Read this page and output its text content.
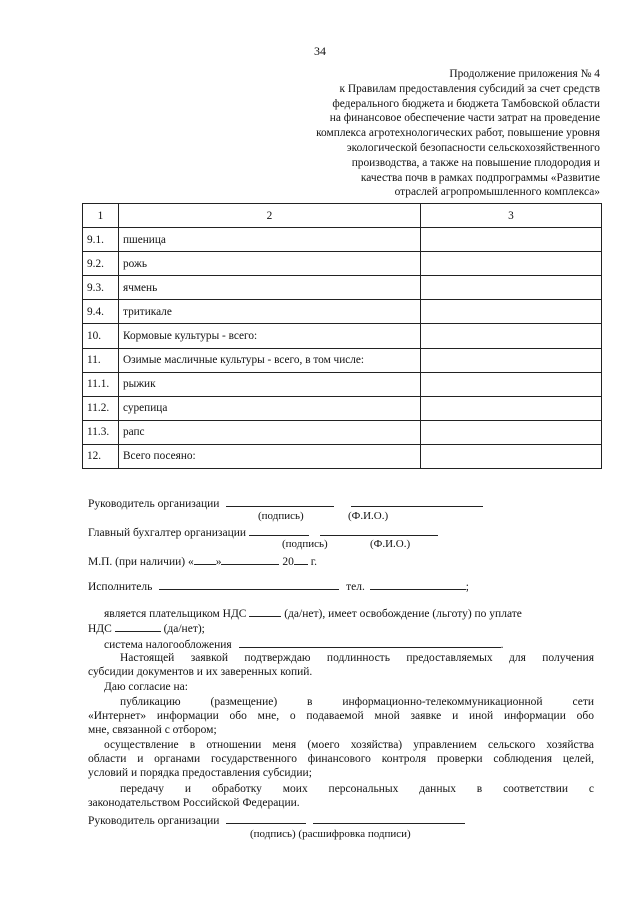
34
Продолжение приложения № 4
к Правилам предоставления субсидий за счет средств
федерального бюджета и бюджета Тамбовской области
на финансовое обеспечение части затрат на проведение
комплекса агротехнологических работ, повышение уровня
экологической безопасности сельскохозяйственного
производства, а также на повышение плодородия и
качества почв в рамках подпрограммы «Развитие
отраслей агропромышленного комплекса»
1	2	3
9.1.	пшеница	
9.2.	рожь	
9.3.	ячмень	
9.4.	тритикале	
10.	Кормовые культуры - всего:	
11.	Озимые масличные культуры - всего, в том числе:	
11.1.	рыжик	
11.2.	сурепица	
11.3.	рапс	
12.	Всего посеяно:	
Руководитель организации
(подпись)	(Ф.И.О.)
Главный бухгалтер организации
(подпись)	(Ф.И.О.)
М.П. (при наличии) « »	20 г.
Исполнитель	тел.	;
является плательщиком НДС	(да/нет), имеет освобождение (льготу) по уплате
НДС	(да/нет);
система налогообложения	.
Настоящей заявкой подтверждаю подлинность предоставляемых для получения
субсидии документов и их заверенных копий.
Даю согласие на:
публикацию (размещение) в информационно-телекоммуникационной сети
«Интернет» информации обо мне, о подаваемой мной заявке и иной информации обо
мне, связанной с отбором;
осуществление в отношении меня (моего хозяйства) управлением сельского хозяйства
области и органами государственного финансового контроля проверки соблюдения целей,
условий и порядка предоставления субсидии;
передачу и обработку моих персональных данных в соответствии с
законодательством Российской Федерации.
Руководитель организации
(подпись) (расшифровка подписи)
